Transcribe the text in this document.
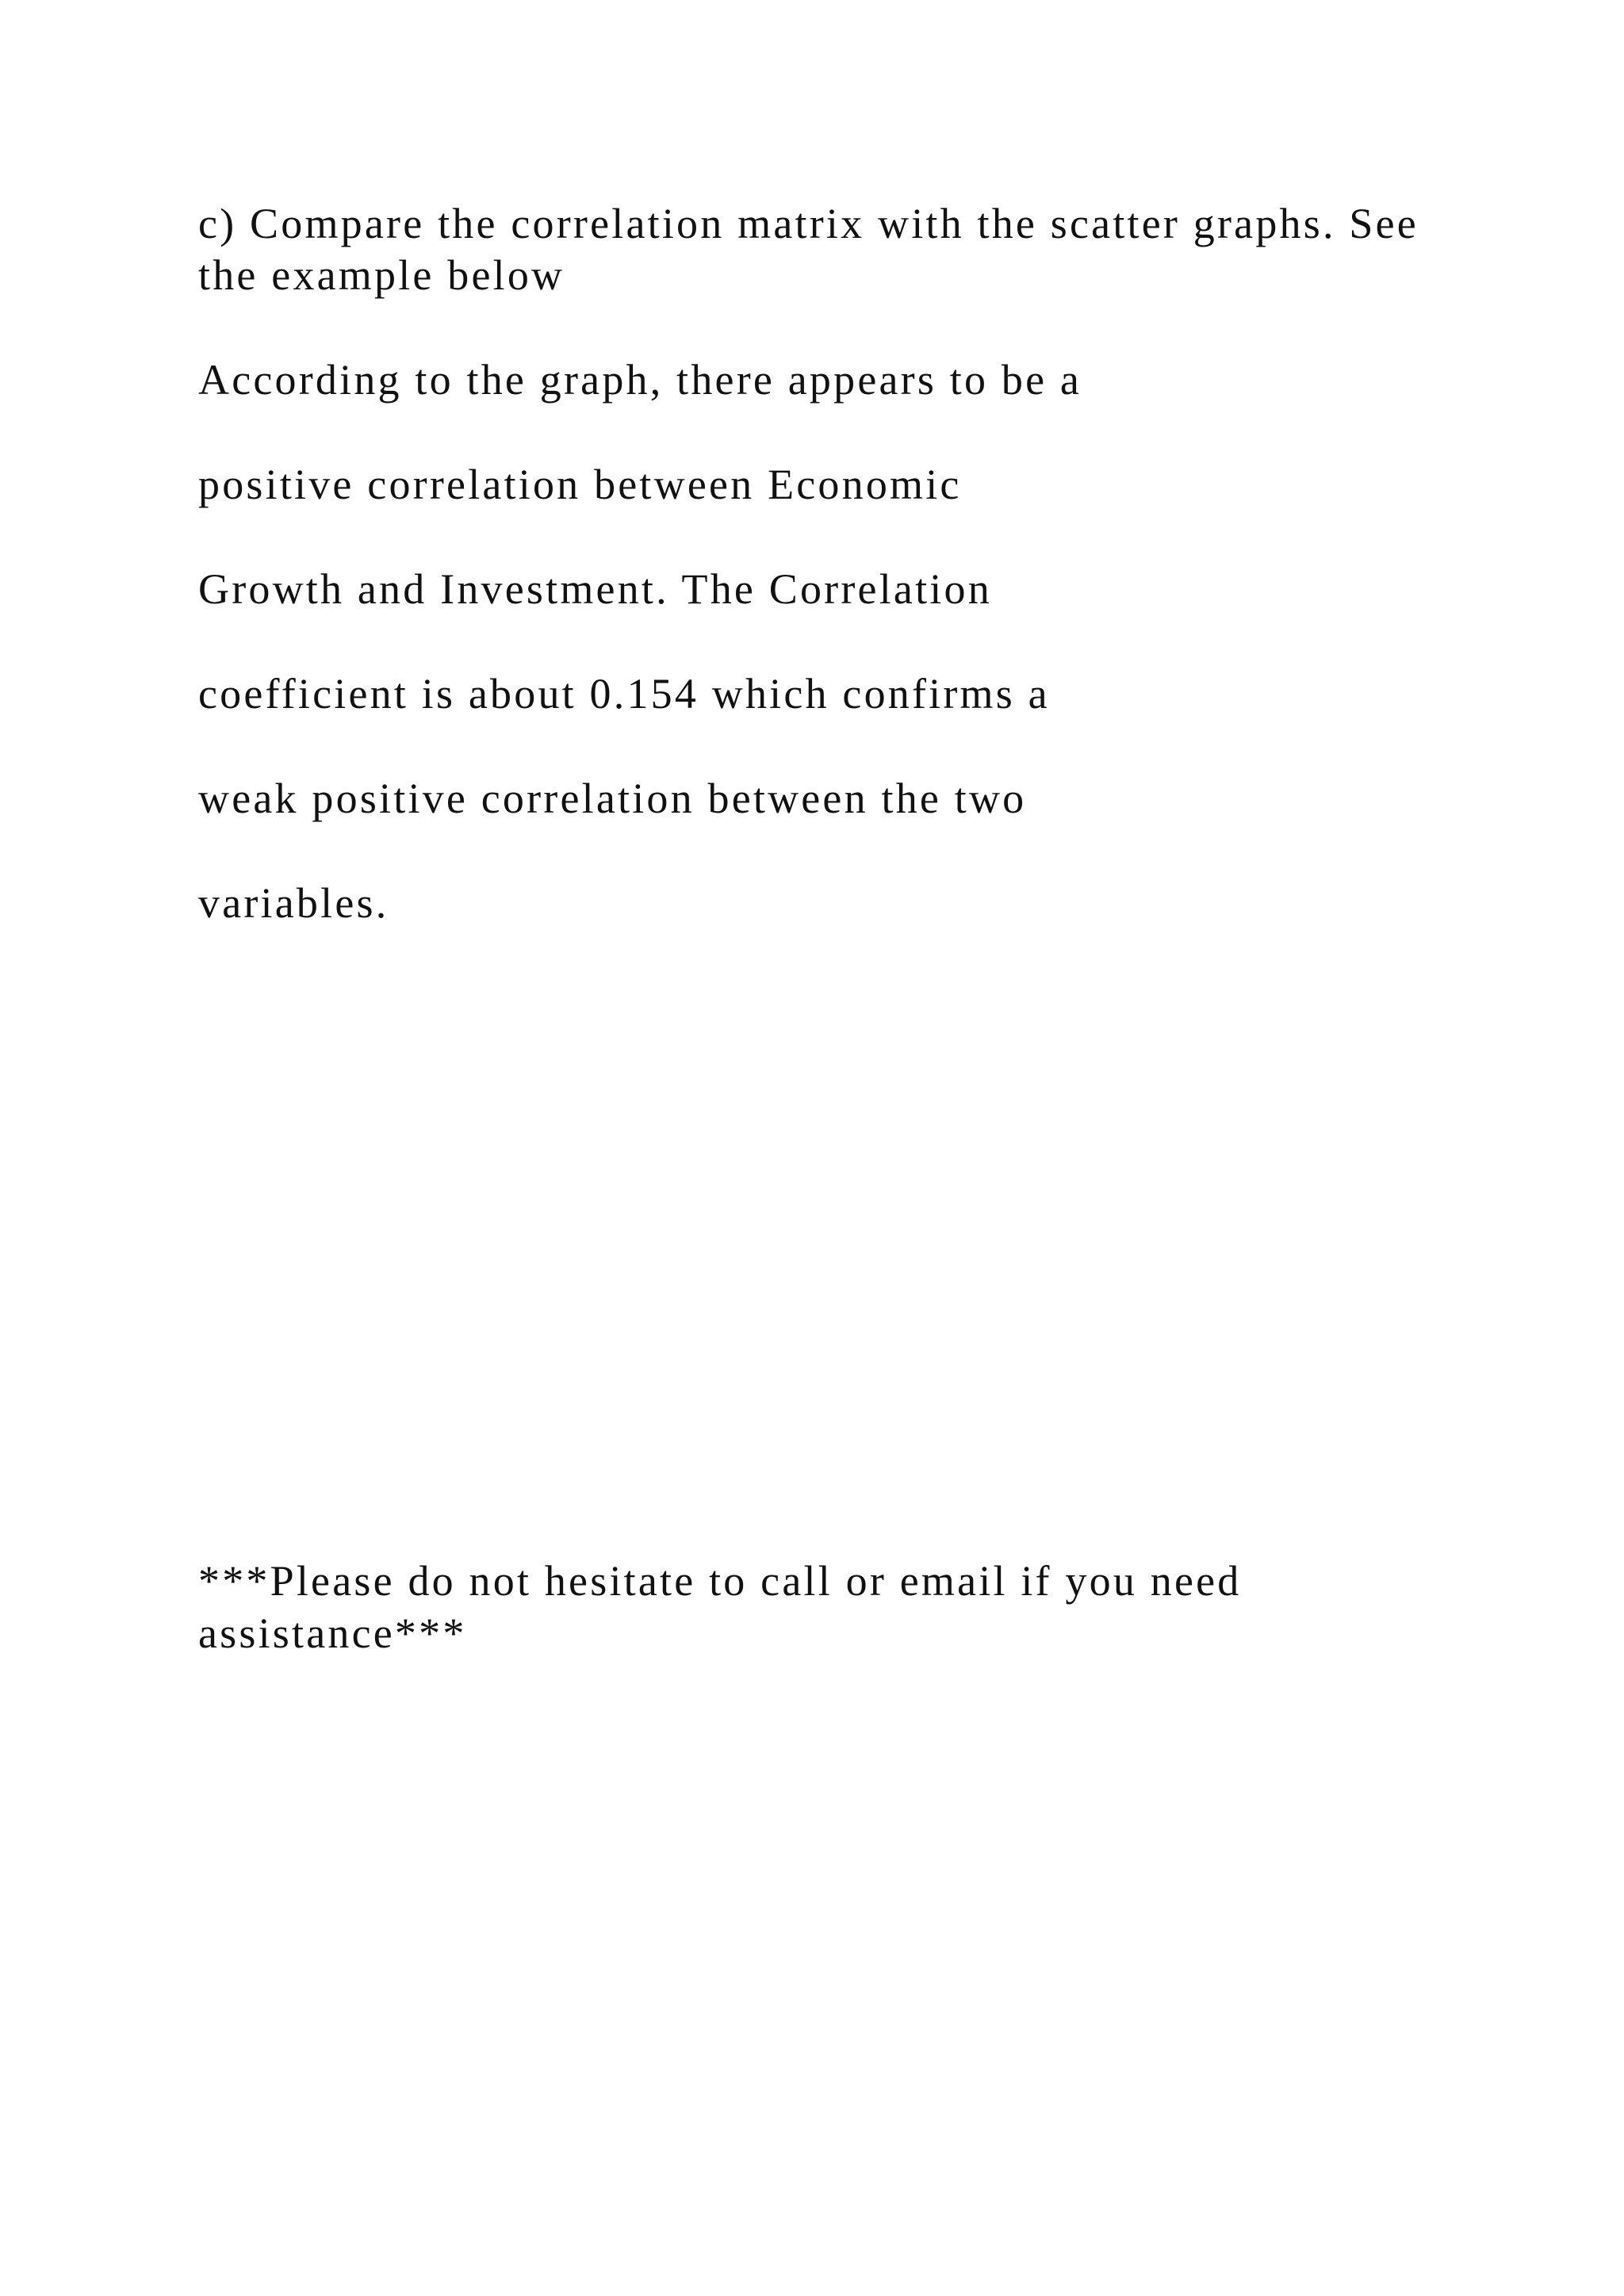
c) Compare the correlation matrix with the scatter graphs. See
the example below
According to the graph, there appears to be a
positive correlation between Economic
Growth and Investment. The Correlation
coefficient is about 0.154 which confirms a
weak positive correlation between the two
variables.
***Please do not hesitate to call or email if you need
assistance***
